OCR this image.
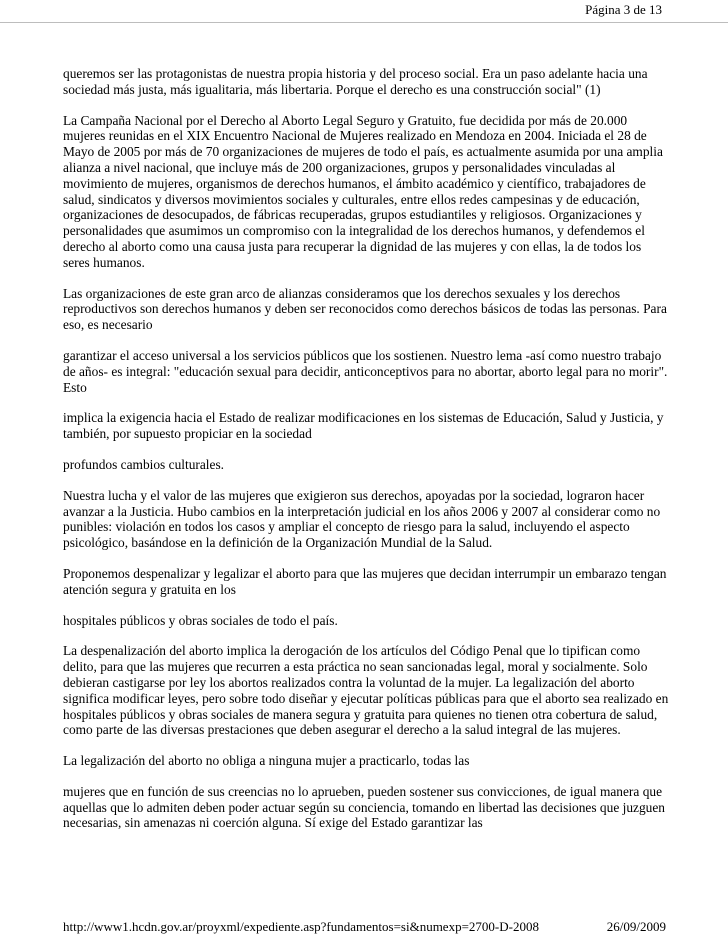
Página 3 de 13

queremos ser las protagonistas de nuestra propia historia y del proceso social. Era un paso adelante hacia una sociedad más justa, más igualitaria, más libertaria. Porque el derecho es una construcción social" (1)

La Campaña Nacional por el Derecho al Aborto Legal Seguro y Gratuito, fue decidida por más de 20.000 mujeres reunidas en el XIX Encuentro Nacional de Mujeres realizado en Mendoza en 2004. Iniciada el 28 de Mayo de 2005 por más de 70 organizaciones de mujeres de todo el país, es actualmente asumida por una amplia alianza a nivel nacional, que incluye más de 200 organizaciones, grupos y personalidades vinculadas al movimiento de mujeres, organismos de derechos humanos, el ámbito académico y científico, trabajadores de salud, sindicatos y diversos movimientos sociales y culturales, entre ellos redes campesinas y de educación, organizaciones de desocupados, de fábricas recuperadas, grupos estudiantiles y religiosos. Organizaciones y personalidades que asumimos un compromiso con la integralidad de los derechos humanos, y defendemos el derecho al aborto como una causa justa para recuperar la dignidad de las mujeres y con ellas, la de todos los seres humanos.

Las organizaciones de este gran arco de alianzas consideramos que los derechos sexuales y los derechos reproductivos son derechos humanos y deben ser reconocidos como derechos básicos de todas las personas. Para eso, es necesario

garantizar el acceso universal a los servicios públicos que los sostienen. Nuestro lema -así como nuestro trabajo de años- es integral: "educación sexual para decidir, anticonceptivos para no abortar, aborto legal para no morir". Esto

implica la exigencia hacia el Estado de realizar modificaciones en los sistemas de Educación, Salud y Justicia, y también, por supuesto propiciar en la sociedad

profundos cambios culturales.

Nuestra lucha y el valor de las mujeres que exigieron sus derechos, apoyadas por la sociedad, lograron hacer avanzar a la Justicia. Hubo cambios en la interpretación judicial en los años 2006 y 2007 al considerar como no punibles: violación en todos los casos y ampliar el concepto de riesgo para la salud, incluyendo el aspecto psicológico, basándose en la definición de la Organización Mundial de la Salud.

Proponemos despenalizar y legalizar el aborto para que las mujeres que decidan interrumpir un embarazo tengan atención segura y gratuita en los

hospitales públicos y obras sociales de todo el país.

La despenalización del aborto implica la derogación de los artículos del Código Penal que lo tipifican como delito, para que las mujeres que recurren a esta práctica no sean sancionadas legal, moral y socialmente. Solo debieran castigarse por ley los abortos realizados contra la voluntad de la mujer. La legalización del aborto significa modificar leyes, pero sobre todo diseñar y ejecutar políticas públicas para que el aborto sea realizado en hospitales públicos y obras sociales de manera segura y gratuita para quienes no tienen otra cobertura de salud, como parte de las diversas prestaciones que deben asegurar el derecho a la salud integral de las mujeres.

La legalización del aborto no obliga a ninguna mujer a practicarlo, todas las

mujeres que en función de sus creencias no lo aprueben, pueden sostener sus convicciones, de igual manera que aquellas que lo admiten deben poder actuar según su conciencia, tomando en libertad las decisiones que juzguen necesarias, sin amenazas ni coerción alguna. Sí exige del Estado garantizar las

http://www1.hcdn.gov.ar/proyxml/expediente.asp?fundamentos=si&numexp=2700-D-2008	26/09/2009
